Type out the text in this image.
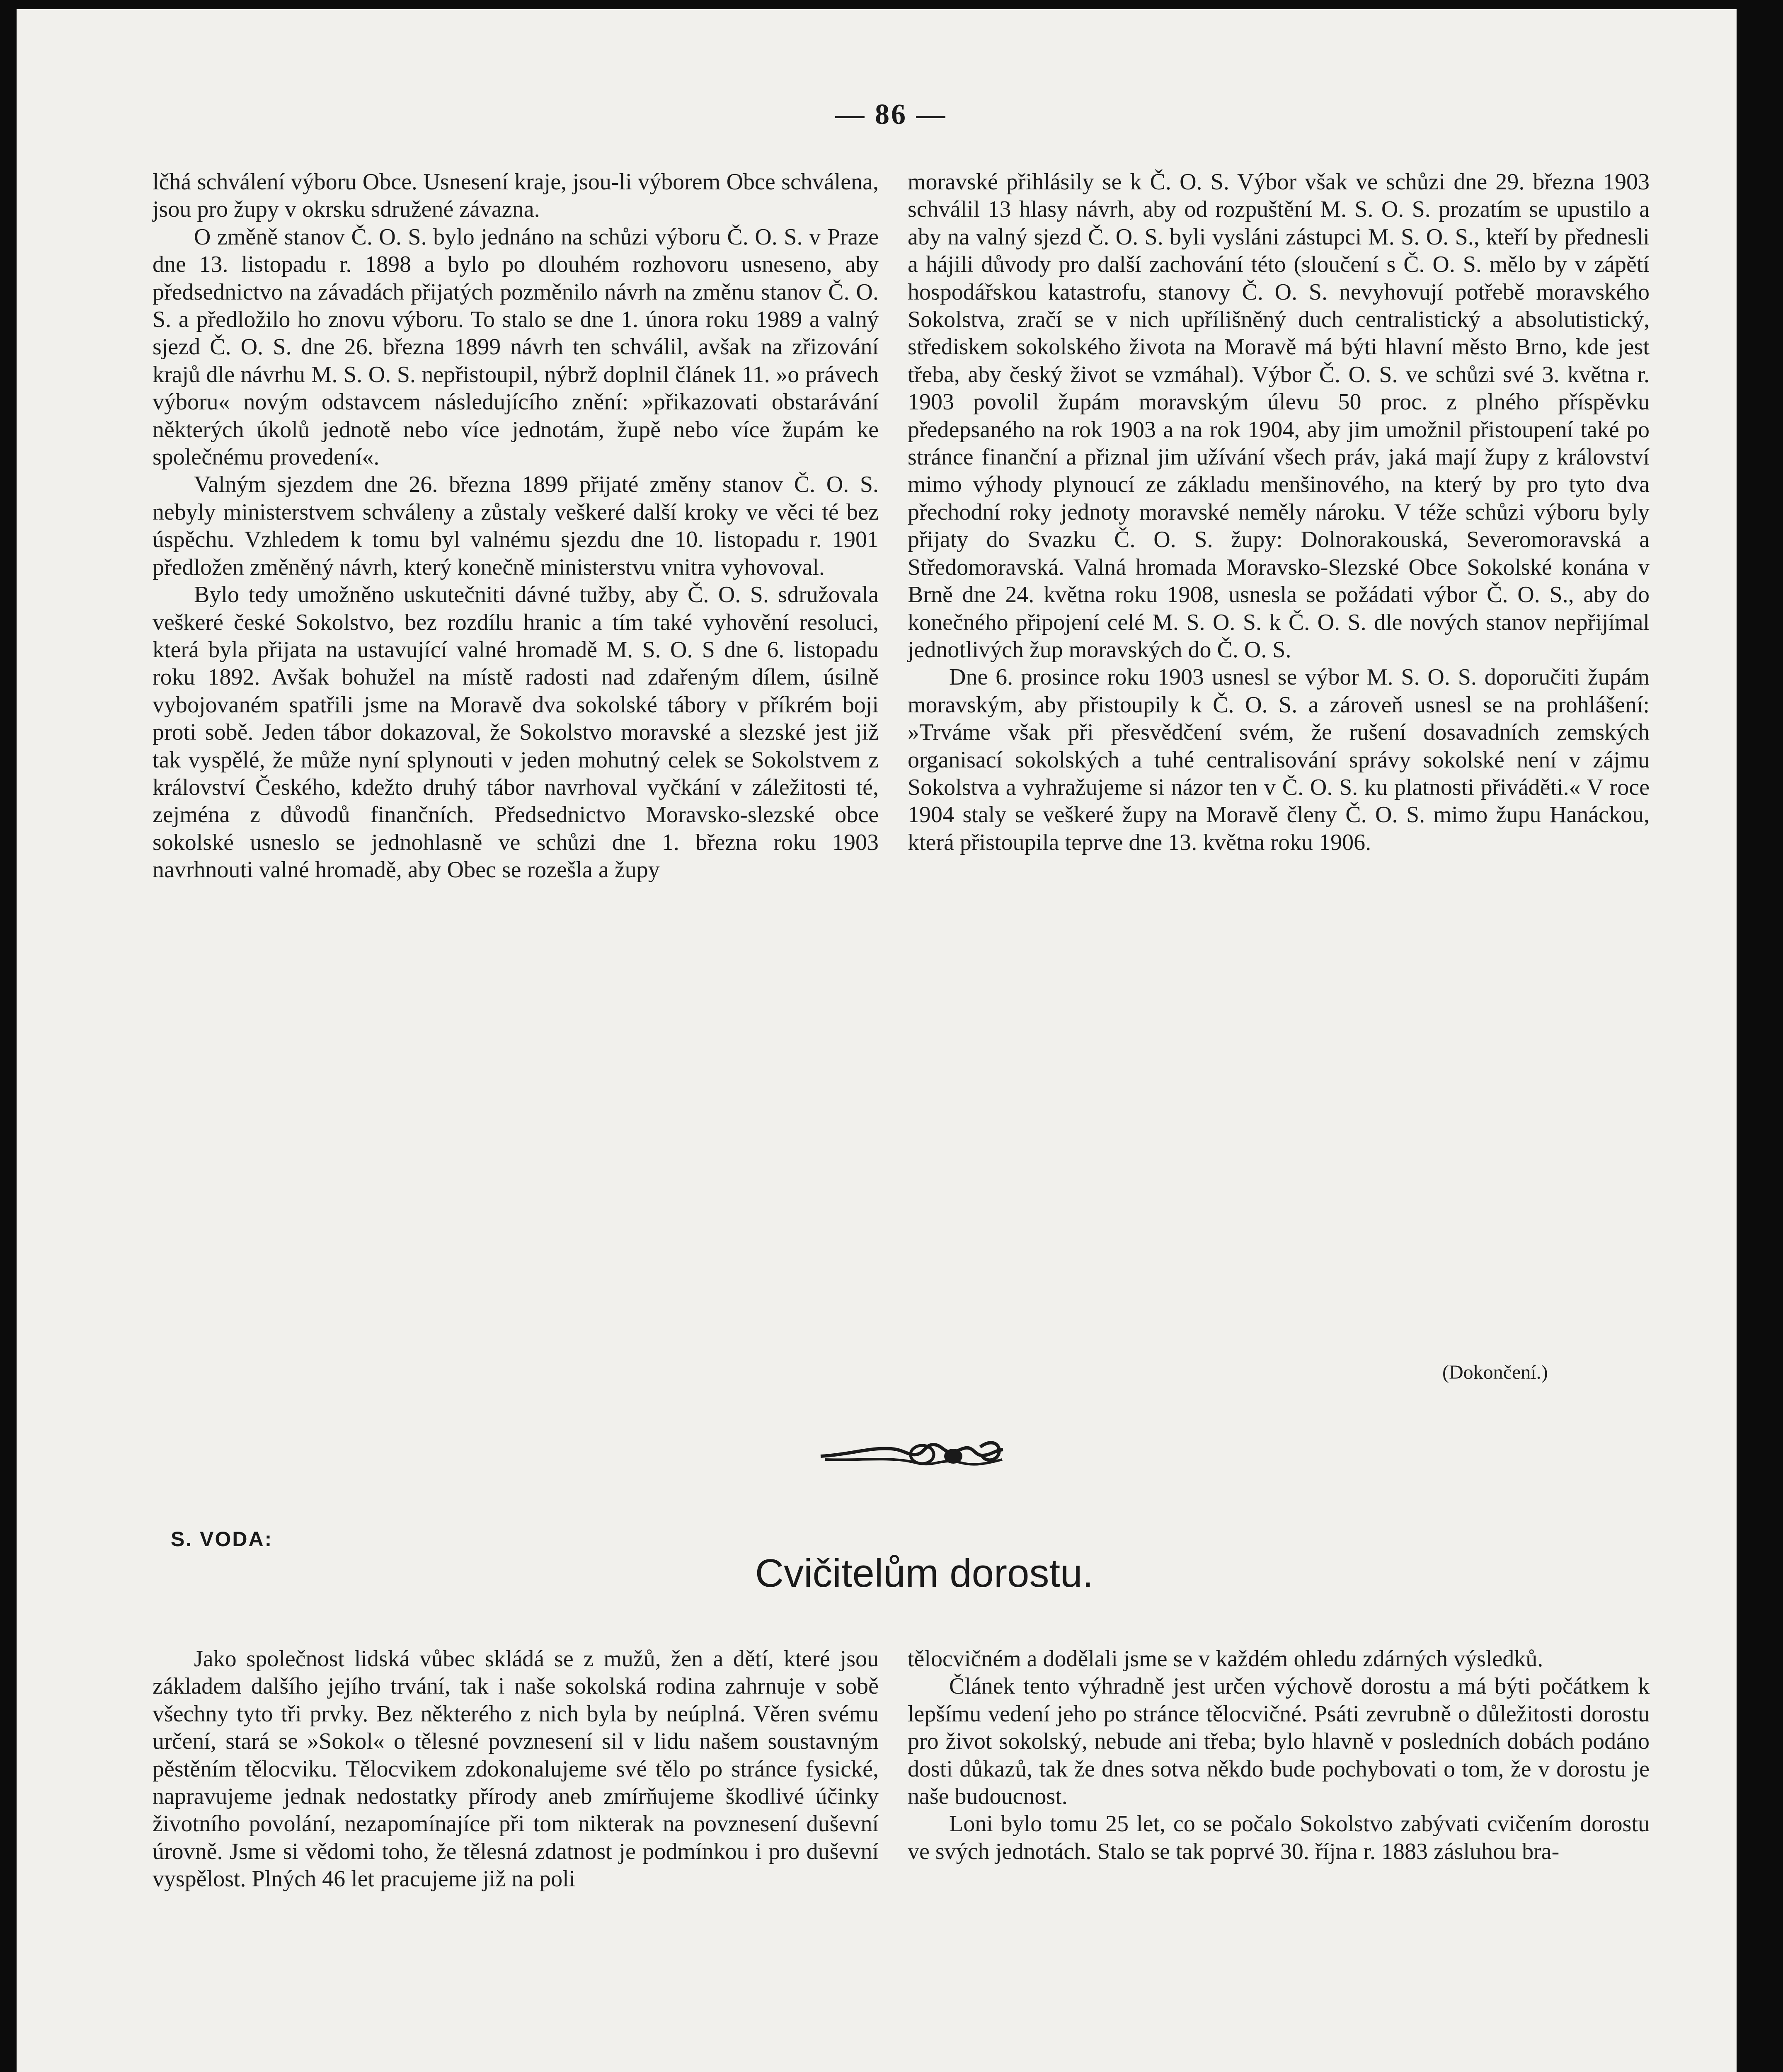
— 86 —

lčhá schválení výboru Obce. Usnesení kraje, jsou-li výborem Obce schválena, jsou pro župy v okrsku sdružené závazna.

O změně stanov Č. O. S. bylo jednáno na schůzi výboru Č. O. S. v Praze dne 13. listopadu r. 1898 a bylo po dlouhém rozhovoru usneseno, aby předsednictvo na závadách přijatých pozměnilo návrh na změnu stanov Č. O. S. a předložilo ho znovu výboru. To stalo se dne 1. února roku 1989 a valný sjezd Č. O. S. dne 26. března 1899 návrh ten schválil, avšak na zřizování krajů dle návrhu M. S. O. S. nepřistoupil, nýbrž doplnil článek 11. »o právech výboru« novým odstavcem následujícího znění: »přikazovati obstarávání některých úkolů jednotě nebo více jednotám, župě nebo více župám ke společnému provedení«.

Valným sjezdem dne 26. března 1899 přijaté změny stanov Č. O. S. nebyly ministerstvem schváleny a zůstaly veškeré další kroky ve věci té bez úspěchu. Vzhledem k tomu byl valnému sjezdu dne 10. listopadu r. 1901 předložen změněný návrh, který konečně ministerstvu vnitra vyhovoval.

Bylo tedy umožněno uskutečniti dávné tužby, aby Č. O. S. sdružovala veškeré české Sokolstvo, bez rozdílu hranic a tím také vyhovění resoluci, která byla přijata na ustavující valné hromadě M. S. O. S dne 6. listopadu roku 1892. Avšak bohužel na místě radosti nad zdařeným dílem, úsilně vybojovaném spatřili jsme na Moravě dva sokolské tábory v příkrém boji proti sobě. Jeden tábor dokazoval, že Sokolstvo moravské a slezské jest již tak vyspělé, že může nyní splynouti v jeden mohutný celek se Sokolstvem z království Českého, kdežto druhý tábor navrhoval vyčkání v záležitosti té, zejména z důvodů finančních. Předsednictvo Moravsko-slezské obce sokolské usneslo se jednohlasně ve schůzi dne 1. března roku 1903 navrhnouti valné hromadě, aby Obec se rozešla a župy

moravské přihlásily se k Č. O. S. Výbor však ve schůzi dne 29. března 1903 schválil 13 hlasy návrh, aby od rozpuštění M. S. O. S. prozatím se upustilo a aby na valný sjezd Č. O. S. byli vysláni zástupci M. S. O. S., kteří by přednesli a hájili důvody pro další zachování této (sloučení s Č. O. S. mělo by v zápětí hospodářskou katastrofu, stanovy Č. O. S. nevyhovují potřebě moravského Sokolstva, zračí se v nich upřílišněný duch centralistický a absolutistický, střediskem sokolského života na Moravě má býti hlavní město Brno, kde jest třeba, aby český život se vzmáhal). Výbor Č. O. S. ve schůzi své 3. května r. 1903 povolil župám moravským úlevu 50 proc. z plného příspěvku předepsaného na rok 1903 a na rok 1904, aby jim umožnil přistoupení také po stránce finanční a přiznal jim užívání všech práv, jaká mají župy z království mimo výhody plynoucí ze základu menšinového, na který by pro tyto dva přechodní roky jednoty moravské neměly nároku. V téže schůzi výboru byly přijaty do Svazku Č. O. S. župy: Dolnorakouská, Severomoravská a Středomoravská. Valná hromada Moravsko-Slezské Obce Sokolské konána v Brně dne 24. května roku 1908, usnesla se požádati výbor Č. O. S., aby do konečného připojení celé M. S. O. S. k Č. O. S. dle nových stanov nepřijímal jednotlivých žup moravských do Č. O. S.

Dne 6. prosince roku 1903 usnesl se výbor M. S. O. S. doporučiti župám moravským, aby přistoupily k Č. O. S. a zároveň usnesl se na prohlášení: »Trváme však při přesvědčení svém, že rušení dosavadních zemských organisací sokolských a tuhé centralisování správy sokolské není v zájmu Sokolstva a vyhražujeme si názor ten v Č. O. S. ku platnosti přiváděti.« V roce 1904 staly se veškeré župy na Moravě členy Č. O. S. mimo župu Hanáckou, která přistoupila teprve dne 13. května roku 1906.

(Dokončení.)
S. VODA:
Cvičitelům dorostu.

Jako společnost lidská vůbec skládá se z mužů, žen a dětí, které jsou základem dalšího jejího trvání, tak i naše sokolská rodina zahrnuje v sobě všechny tyto tři prvky. Bez některého z nich byla by neúplná. Věren svému určení, stará se »Sokol« o tělesné povznesení sil v lidu našem soustavným pěstěním tělocviku. Tělocvikem zdokonalujeme své tělo po stránce fysické, napravujeme jednak nedostatky přírody aneb zmírňujeme škodlivé účinky životního povolání, nezapomínajíce při tom nikterak na povznesení duševní úrovně. Jsme si vědomi toho, že tělesná zdatnost je podmínkou i pro duševní vyspělost. Plných 46 let pracujeme již na poli

tělocvičném a dodělali jsme se v každém ohledu zdárných výsledků.

Článek tento výhradně jest určen výchově dorostu a má býti počátkem k lepšímu vedení jeho po stránce tělocvičné. Psáti zevrubně o důležitosti dorostu pro život sokolský, nebude ani třeba; bylo hlavně v posledních dobách podáno dosti důkazů, tak že dnes sotva někdo bude pochybovati o tom, že v dorostu je naše budoucnost.

Loni bylo tomu 25 let, co se počalo Sokolstvo zabývati cvičením dorostu ve svých jednotách. Stalo se tak poprvé 30. října r. 1883 zásluhou bra-
